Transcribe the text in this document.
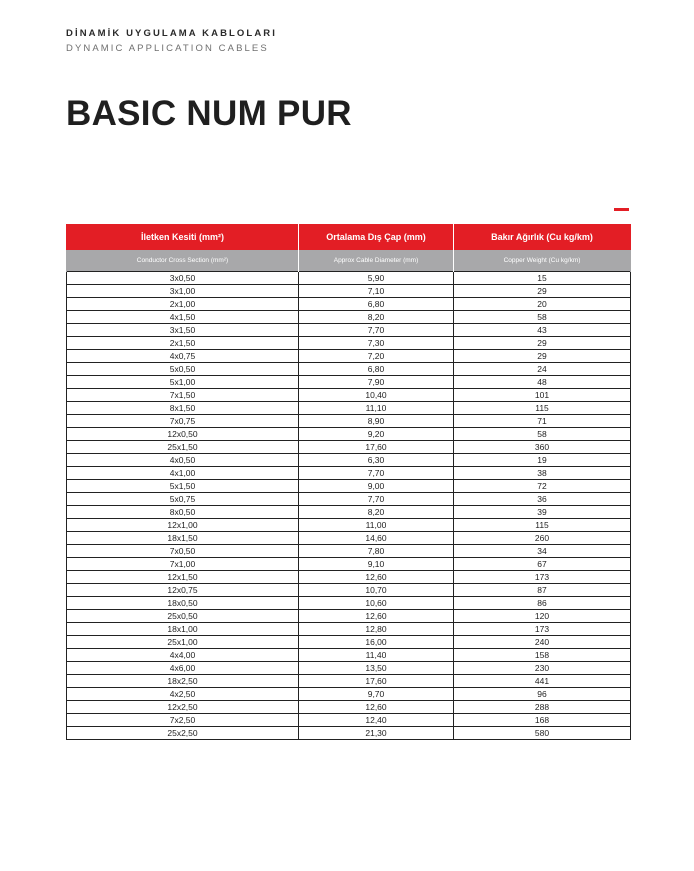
DİNAMİK UYGULAMA KABLOLARI
DYNAMIC APPLICATION CABLES
BASIC NUM PUR
İletken Kesiti (mm²)	Ortalama Dış Çap (mm)	Bakır Ağırlık (Cu kg/km)
Conductor Cross Section (mm²)	Approx Cable Diameter (mm)	Copper Weight (Cu kg/km)
3x0,50	5,90	15
3x1,00	7,10	29
2x1,00	6,80	20
4x1,50	8,20	58
3x1,50	7,70	43
2x1,50	7,30	29
4x0,75	7,20	29
5x0,50	6,80	24
5x1,00	7,90	48
7x1,50	10,40	101
8x1,50	11,10	115
7x0,75	8,90	71
12x0,50	9,20	58
25x1,50	17,60	360
4x0,50	6,30	19
4x1,00	7,70	38
5x1,50	9,00	72
5x0,75	7,70	36
8x0,50	8,20	39
12x1,00	11,00	115
18x1,50	14,60	260
7x0,50	7,80	34
7x1,00	9,10	67
12x1,50	12,60	173
12x0,75	10,70	87
18x0,50	10,60	86
25x0,50	12,60	120
18x1,00	12,80	173
25x1,00	16,00	240
4x4,00	11,40	158
4x6,00	13,50	230
18x2,50	17,60	441
4x2,50	9,70	96
12x2,50	12,60	288
7x2,50	12,40	168
25x2,50	21,30	580
